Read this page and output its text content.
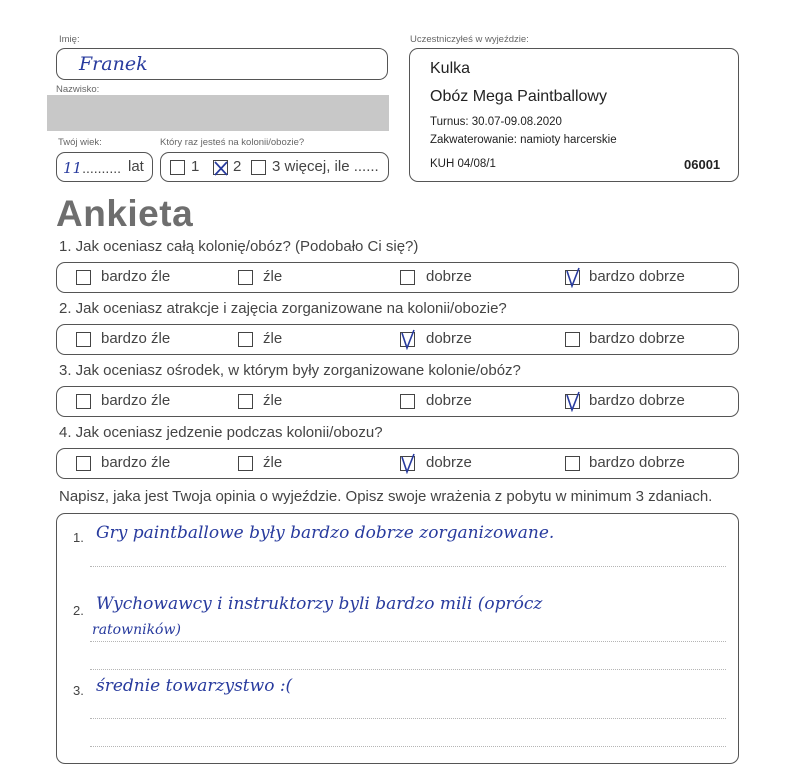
Imię:
Franek
Nazwisko:
Twój wiek:
11.......... lat
Który raz jesteś na kolonii/obozie?
1 2 3 więcej, ile ......
Uczestniczyłeś w wyjeździe:
Kulka
Obóz Mega Paintballowy
Turnus: 30.07-09.08.2020
Zakwaterowanie: namioty harcerskie
KUH 04/08/1	06001
Ankieta
1. Jak oceniasz całą kolonię/obóz? (Podobało Ci się?)
bardzo źle	źle	dobrze	bardzo dobrze
2. Jak oceniasz atrakcje i zajęcia zorganizowane na kolonii/obozie?
bardzo źle	źle	dobrze	bardzo dobrze
3. Jak oceniasz ośrodek, w którym były zorganizowane kolonie/obóz?
bardzo źle	źle	dobrze	bardzo dobrze
4. Jak oceniasz jedzenie podczas kolonii/obozu?
bardzo źle	źle	dobrze	bardzo dobrze
Napisz, jaka jest Twoja opinia o wyjeździe. Opisz swoje wrażenia z pobytu w minimum 3 zdaniach.
1. Gry paintballowe były bardzo dobrze zorganizowane.
2. Wychowawcy i instruktorzy byli bardzo mili (oprócz
ratowników)
3. średnie towarzystwo :(
